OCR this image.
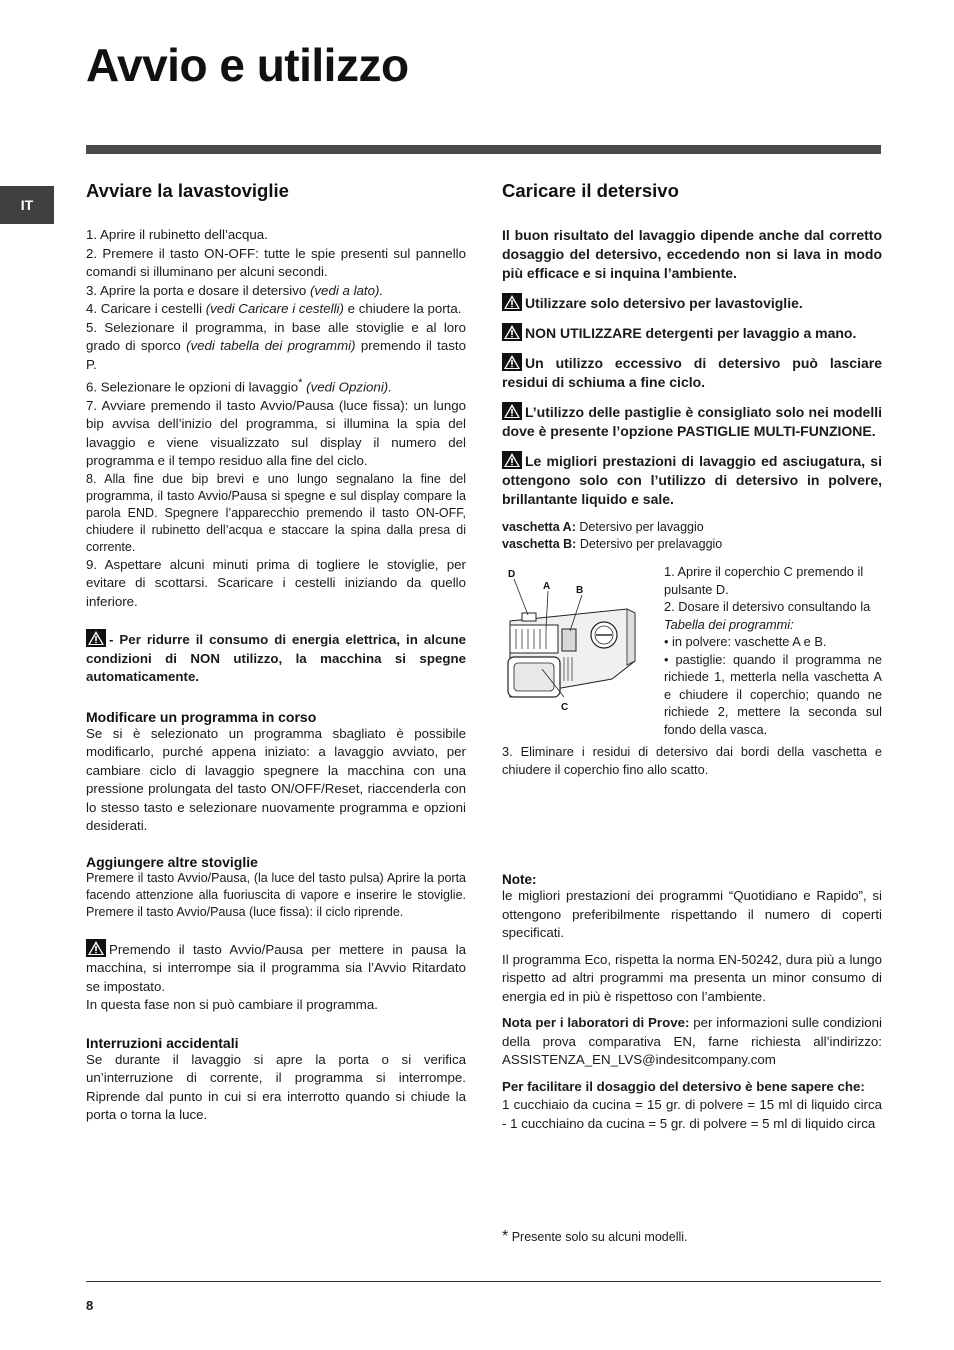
Avvio e utilizzo
IT
Avviare la lavastoviglie

1. Aprire il rubinetto dell’acqua.

2. Premere il tasto ON-OFF: tutte le spie presenti sul pannello comandi si illuminano per alcuni secondi.

3. Aprire la porta e dosare il detersivo (vedi a lato).

4. Caricare i cestelli (vedi Caricare i cestelli) e chiudere la porta.

5. Selezionare il programma, in base alle stoviglie e al loro grado di sporco (vedi tabella dei programmi) premendo il tasto P.

6. Selezionare le opzioni di lavaggio* (vedi Opzioni).

7. Avviare premendo il tasto Avvio/Pausa (luce fissa): un lungo bip avvisa dell’inizio del programma, si illumina la spia del lavaggio e viene visualizzato sul display il numero del programma e il tempo residuo alla fine del ciclo.

8. Alla fine due bip brevi e uno lungo segnalano la fine del programma, il tasto Avvio/Pausa si spegne e sul display compare la parola END. Spegnere l’apparecchio premendo il tasto ON-OFF, chiudere il rubinetto dell’acqua e staccare la spina dalla presa di corrente.

9. Aspettare alcuni minuti prima di togliere le stoviglie, per evitare di scottarsi. Scaricare i cestelli iniziando da quello inferiore.

- Per ridurre il consumo di energia elettrica, in alcune condizioni di NON utilizzo, la macchina si spegne automaticamente.

Modificare un programma in corso

Se si è selezionato un programma sbagliato è possibile modificarlo, purché appena iniziato: a lavaggio avviato, per cambiare ciclo di lavaggio spegnere la macchina con una pressione prolungata del tasto ON/OFF/Reset, riaccenderla con lo stesso tasto e selezionare nuovamente programma e opzioni desiderati.

Aggiungere altre stoviglie

Premere il tasto Avvio/Pausa, (la luce del tasto pulsa) Aprire la porta facendo attenzione alla fuoriuscita di vapore e inserire le stoviglie. Premere il tasto Avvio/Pausa (luce fissa): il ciclo riprende.

Premendo il tasto Avvio/Pausa per mettere in pausa la macchina, si interrompe sia il programma sia l’Avvio Ritardato se impostato.

In questa fase non si può cambiare il programma.

Interruzioni accidentali

Se durante il lavaggio si apre la porta o si verifica un’interruzione di corrente, il programma si interrompe. Riprende dal punto in cui si era interrotto quando si chiude la porta o torna la luce.

Caricare il detersivo

Il buon risultato del lavaggio dipende anche dal corretto dosaggio del detersivo, eccedendo non si lava in modo più efficace e si inquina l’ambiente.

Utilizzare solo detersivo per lavastoviglie.

NON UTILIZZARE detergenti per lavaggio a mano.

Un utilizzo eccessivo di detersivo può lasciare residui di schiuma a fine ciclo.

L’utilizzo delle pastiglie è consigliato solo nei modelli dove è presente l’opzione PASTIGLIE MULTI-FUNZIONE.

Le migliori prestazioni di lavaggio ed asciugatura, si ottengono solo con l’utilizzo di detersivo in polvere, brillantante liquido e sale.

vaschetta A: Detersivo per lavaggio

vaschetta B: Detersivo per prelavaggio

D
A	B
C

1. Aprire il coperchio C premendo il pulsante D.

2. Dosare il detersivo consultando la Tabella dei programmi:

• in polvere: vaschette A e B.

• pastiglie: quando il programma ne richiede 1, metterla nella vaschetta A e chiudere il coperchio; quando ne richiede 2, mettere la seconda sul fondo della vasca.

3. Eliminare i residui di detersivo dai bordi della vaschetta e chiudere il coperchio fino allo scatto.

Note:

le migliori prestazioni dei programmi “Quotidiano e Rapido”, si ottengono preferibilmente rispettando il numero di coperti specificati.

Il programma Eco, rispetta la norma EN-50242, dura più a lungo rispetto ad altri programmi ma presenta un minor consumo di energia ed in più è rispettoso con l’ambiente.

Nota per i laboratori di Prove: per informazioni sulle condizioni della prova comparativa EN, farne richiesta all’indirizzo: ASSISTENZA_EN_LVS@indesitcompany.com

Per facilitare il dosaggio del detersivo è bene sapere che:

1 cucchiaio da cucina = 15 gr. di polvere = 15 ml di liquido circa - 1 cucchiaino da cucina = 5 gr. di polvere = 5 ml di liquido circa

* Presente solo su alcuni modelli.
8
